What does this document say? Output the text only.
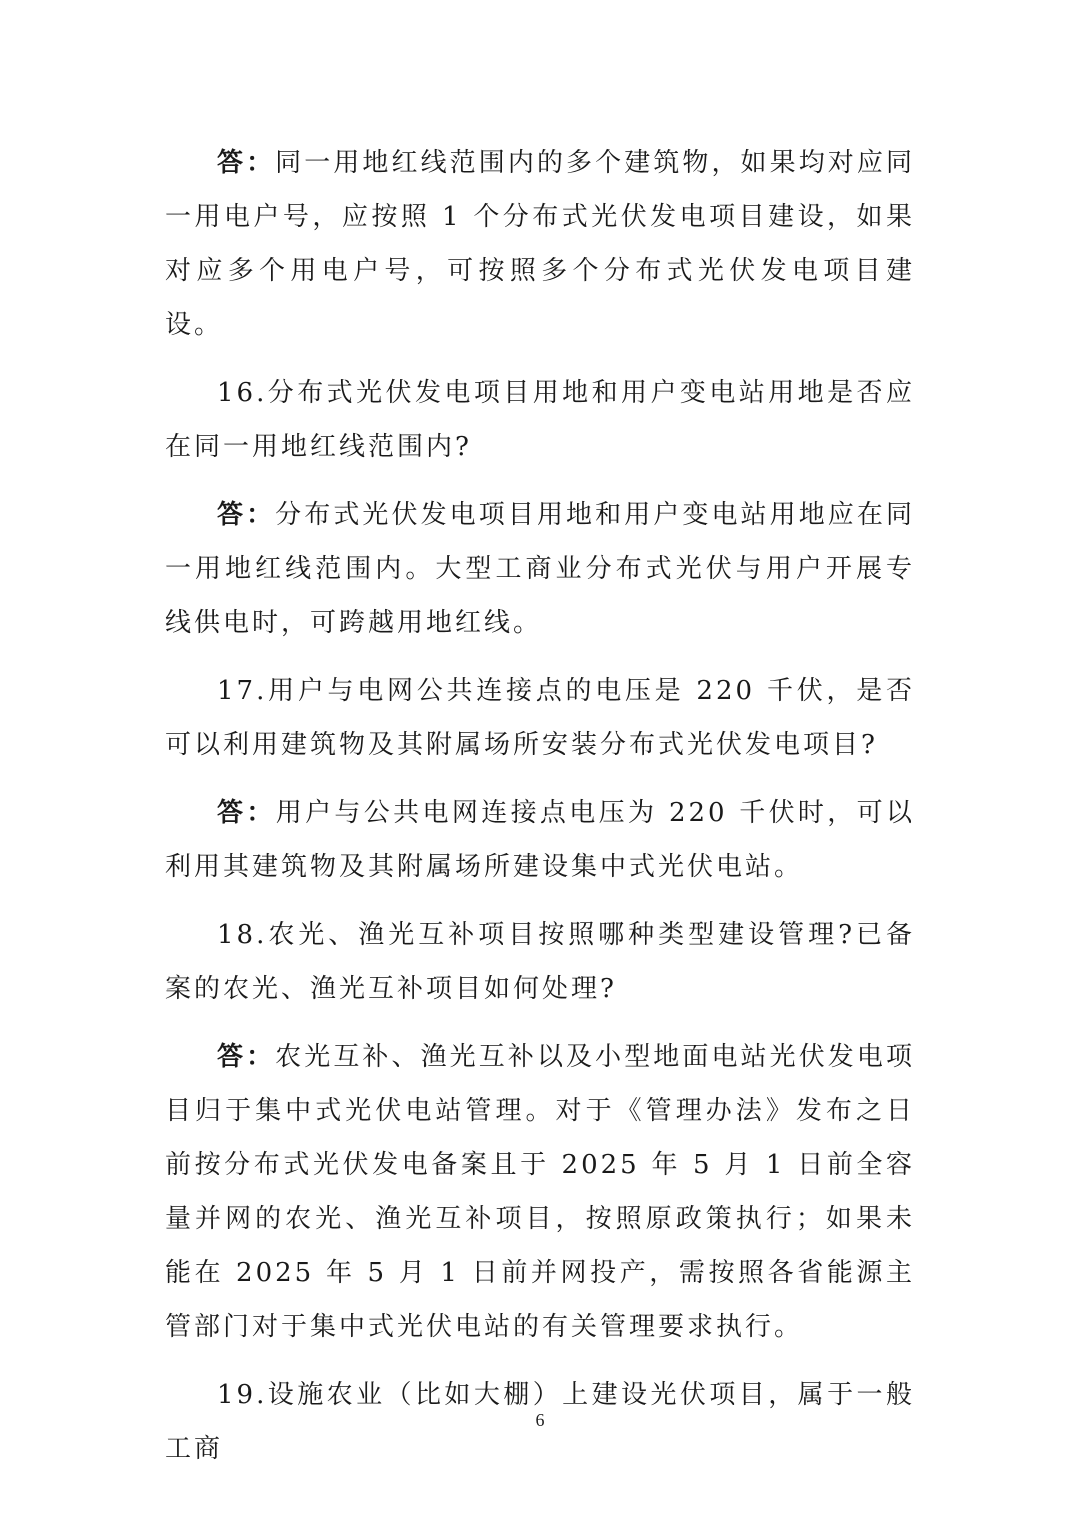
答：同一用地红线范围内的多个建筑物，如果均对应同一用电户号，应按照 1 个分布式光伏发电项目建设，如果对应多个用电户号，可按照多个分布式光伏发电项目建设。

16.分布式光伏发电项目用地和用户变电站用地是否应在同一用地红线范围内?

答：分布式光伏发电项目用地和用户变电站用地应在同一用地红线范围内。大型工商业分布式光伏与用户开展专线供电时，可跨越用地红线。

17.用户与电网公共连接点的电压是 220 千伏，是否可以利用建筑物及其附属场所安装分布式光伏发电项目?

答：用户与公共电网连接点电压为 220 千伏时，可以利用其建筑物及其附属场所建设集中式光伏电站。

18.农光、渔光互补项目按照哪种类型建设管理?已备案的农光、渔光互补项目如何处理?

答：农光互补、渔光互补以及小型地面电站光伏发电项目归于集中式光伏电站管理。对于《管理办法》发布之日前按分布式光伏发电备案且于 2025 年 5 月 1 日前全容量并网的农光、渔光互补项目，按照原政策执行；如果未能在 2025 年 5 月 1 日前并网投产，需按照各省能源主管部门对于集中式光伏电站的有关管理要求执行。

19.设施农业（比如大棚）上建设光伏项目，属于一般工商

6
